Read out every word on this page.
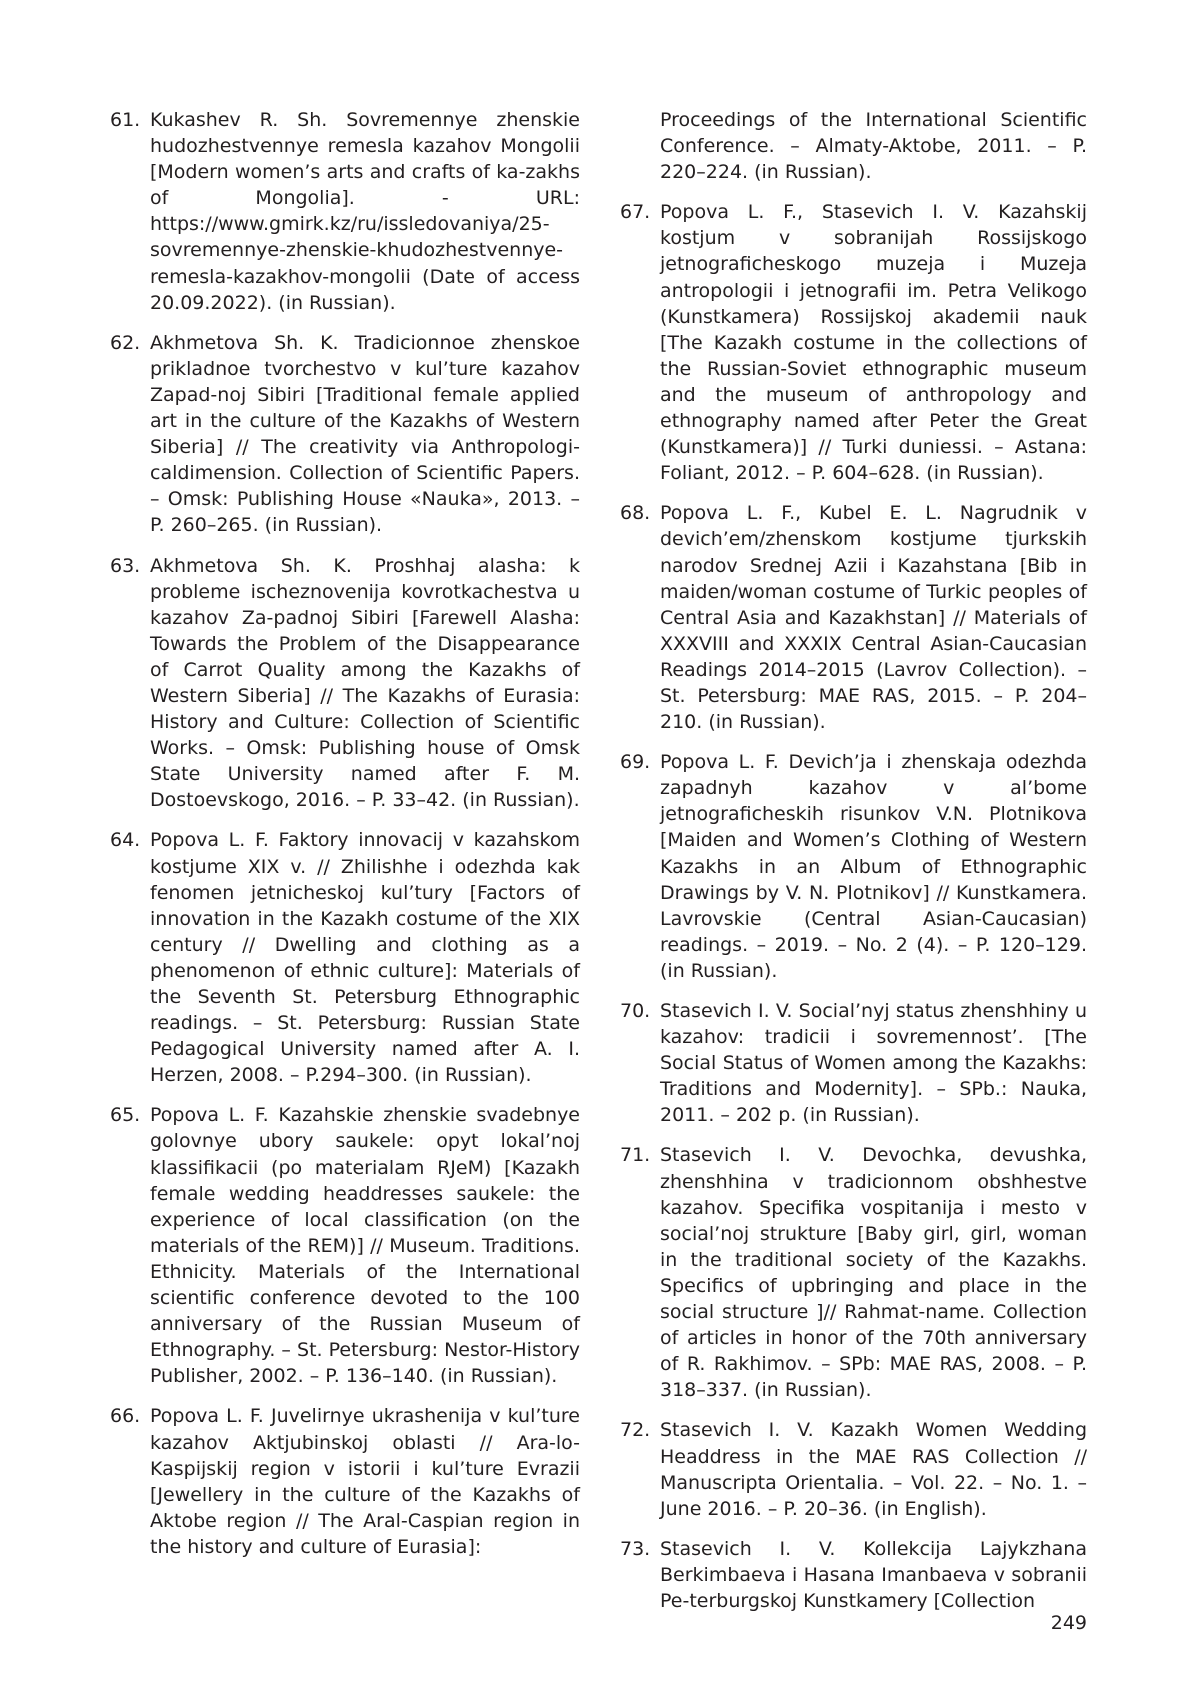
61. Kukashev R. Sh. Sovremennye zhenskie hudozhestvennye remesla kazahov Mongolii [Modern women’s arts and crafts of ka-zakhs of Mongolia]. - URL: https://www.gmirk.kz/ru/issledovaniya/25-sovremennye-zhenskie-khudozhestvennye-remesla-kazakhov-mongolii (Date of access 20.09.2022). (in Russian).
62. Akhmetova Sh. K. Tradicionnoe zhenskoe prikladnoe tvorchestvo v kul’ture kazahov Zapad-noj Sibiri [Traditional female applied art in the culture of the Kazakhs of Western Siberia] // The creativity via Anthropologi-caldimension. Collection of Scientific Papers. – Omsk: Publishing House «Nauka», 2013. – P. 260–265. (in Russian).
63. Akhmetova Sh. K. Proshhaj alasha: k probleme ischeznovenija kovrotkachestva u kazahov Za-padnoj Sibiri [Farewell Alasha: Towards the Problem of the Disappearance of Carrot Quality among the Kazakhs of Western Siberia] // The Kazakhs of Eurasia: History and Culture: Collection of Scientific Works. – Omsk: Publishing house of Omsk State University named after F. M. Dostoevskogo, 2016. – P. 33–42. (in Russian).
64. Popova L. F. Faktory innovacij v kazahskom kostjume XIX v. // Zhilishhe i odezhda kak fenomen jetnicheskoj kul’tury [Factors of innovation in the Kazakh costume of the XIX century // Dwelling and clothing as a phenomenon of ethnic culture]: Materials of the Seventh St. Petersburg Ethnographic readings. – St. Petersburg: Russian State Pedagogical University named after A. I. Herzen, 2008. – P.294–300. (in Russian).
65. Popova L. F. Kazahskie zhenskie svadebnye golovnye ubory saukele: opyt lokal’noj klassifikacii (po materialam RJeM) [Kazakh female wedding headdresses saukele: the experience of local classification (on the materials of the REM)] // Museum. Traditions. Ethnicity. Materials of the International scientific conference devoted to the 100 anniversary of the Russian Museum of Ethnography. – St. Petersburg: Nestor-History Publisher, 2002. – P. 136–140. (in Russian).
66. Popova L. F. Juvelirnye ukrashenija v kul’ture kazahov Aktjubinskoj oblasti // Ara-lo-Kaspijskij region v istorii i kul’ture Evrazii [Jewellery in the culture of the Kazakhs of Aktobe region // The Aral-Caspian region in the history and culture of Eurasia]:
Proceedings of the International Scientific Conference. – Almaty-Aktobe, 2011. – P. 220–224. (in Russian).
67. Popova L. F., Stasevich I. V. Kazahskij kostjum v sobranijah Rossijskogo jetnograficheskogo muzeja i Muzeja antropologii i jetnografii im. Petra Velikogo (Kunstkamera) Rossijskoj akademii nauk [The Kazakh costume in the collections of the Russian-Soviet ethnographic museum and the museum of anthropology and ethnography named after Peter the Great (Kunstkamera)] // Turki duniessi. – Astana: Foliant, 2012. – P. 604–628. (in Russian).
68. Popova L. F., Kubel E. L. Nagrudnik v devich’em/zhenskom kostjume tjurkskih narodov Srednej Azii i Kazahstana [Bib in maiden/woman costume of Turkic peoples of Central Asia and Kazakhstan] // Materials of XXXVIII and XXXIX Central Asian-Caucasian Readings 2014–2015 (Lavrov Collection). – St. Petersburg: MAE RAS, 2015. – P. 204–210. (in Russian).
69. Popova L. F. Devich’ja i zhenskaja odezhda zapadnyh kazahov v al’bome jetnograficheskih risunkov V.N. Plotnikova [Maiden and Women’s Clothing of Western Kazakhs in an Album of Ethnographic Drawings by V. N. Plotnikov] // Kunstkamera. Lavrovskie (Central Asian-Caucasian) readings. – 2019. – No. 2 (4). – P. 120–129. (in Russian).
70. Stasevich I. V. Social’nyj status zhenshhiny u kazahov: tradicii i sovremennost’. [The Social Status of Women among the Kazakhs: Traditions and Modernity]. – SPb.: Nauka, 2011. – 202 p. (in Russian).
71. Stasevich I. V. Devochka, devushka, zhenshhina v tradicionnom obshhestve kazahov. Specifika vospitanija i mesto v social’noj strukture [Baby girl, girl, woman in the traditional society of the Kazakhs. Specifics of upbringing and place in the social structure ]// Rahmat-name. Collection of articles in honor of the 70th anniversary of R. Rakhimov. – SPb: MAE RAS, 2008. – P. 318–337. (in Russian).
72. Stasevich I. V. Kazakh Women Wedding Headdress in the MAE RAS Collection // Manuscripta Orientalia. – Vol. 22. – No. 1. – June 2016. – P. 20–36. (in English).
73. Stasevich I. V. Kollekcija Lajykzhana Berkimbaeva i Hasana Imanbaeva v sobranii Pe-terburgskoj Kunstkamery [Collection
249
